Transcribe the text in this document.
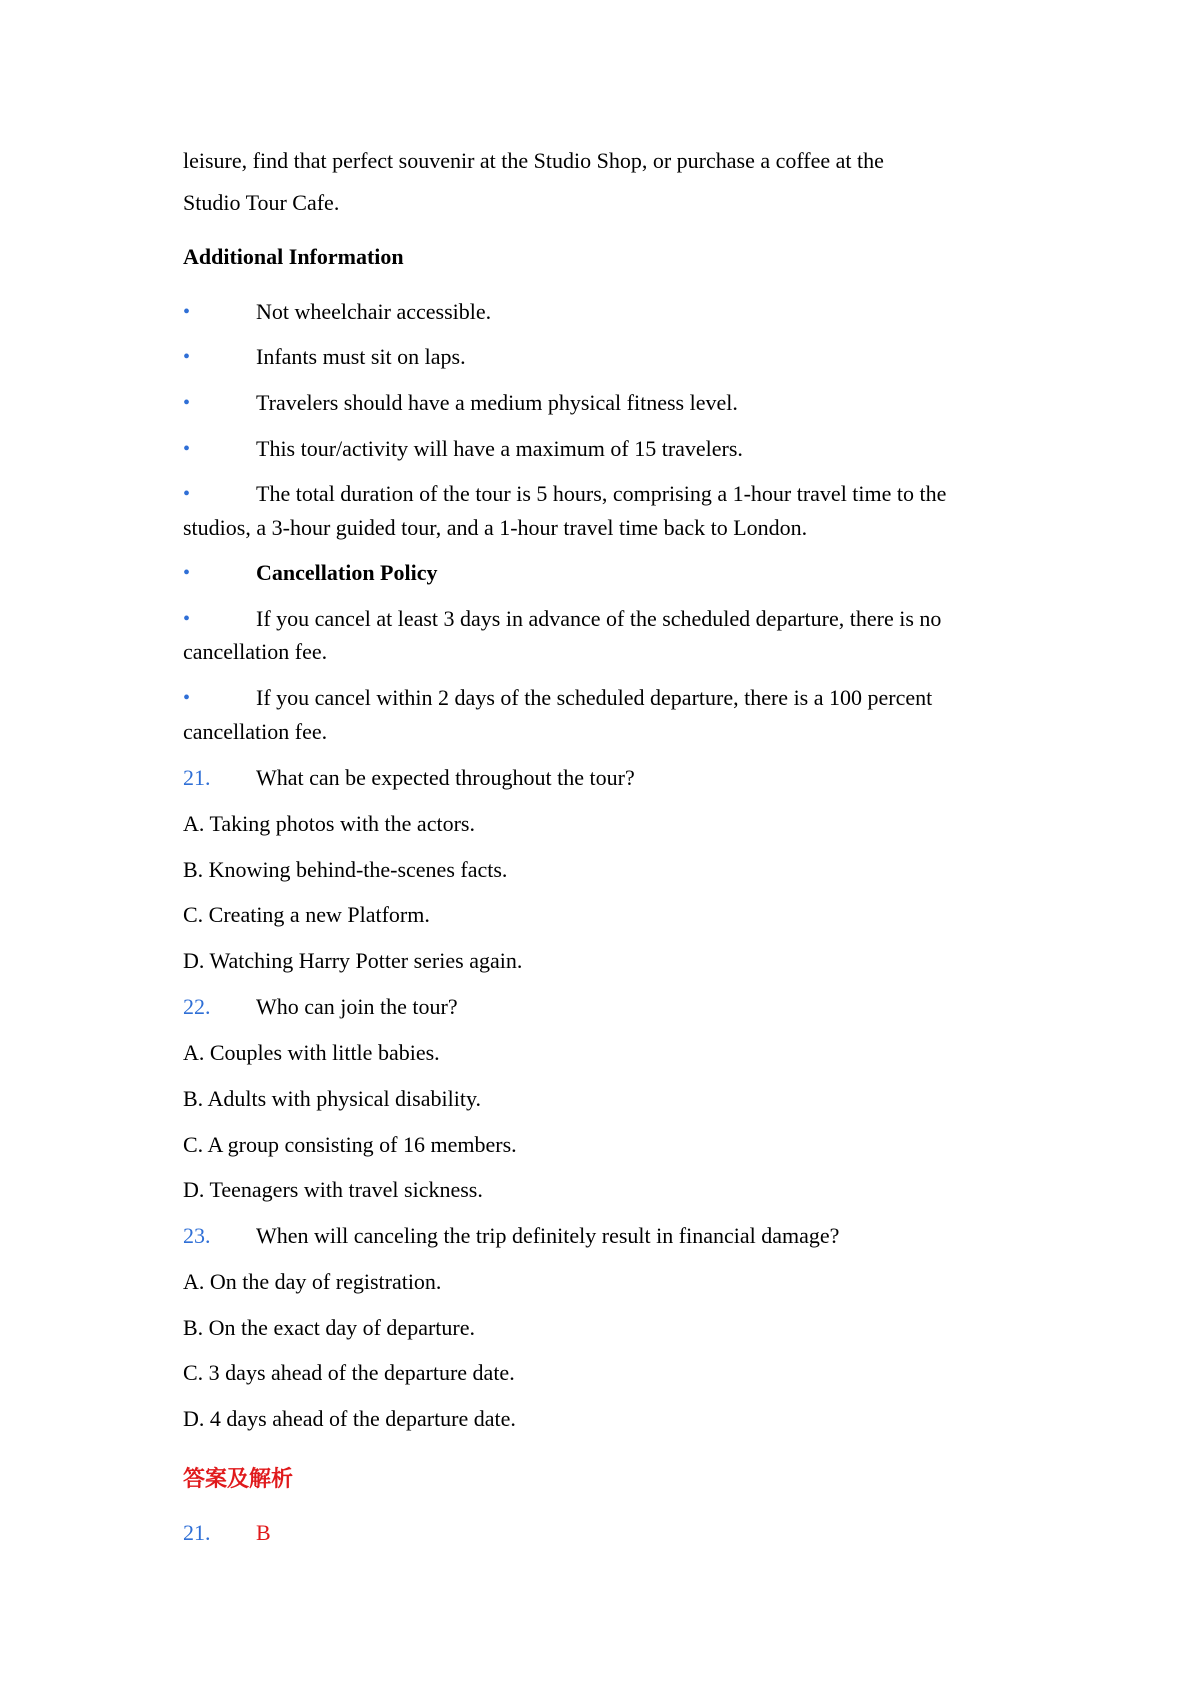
leisure, find that perfect souvenir at the Studio Shop, or purchase a coffee at the
Studio Tour Cafe.
Additional Information
•	Not wheelchair accessible.
•	Infants must sit on laps.
•	Travelers should have a medium physical fitness level.
•	This tour/activity will have a maximum of 15 travelers.
•	The total duration of the tour is 5 hours, comprising a 1-hour travel time to the
studios, a 3-hour guided tour, and a 1-hour travel time back to London.
•	Cancellation Policy
•	If you cancel at least 3 days in advance of the scheduled departure, there is no
cancellation fee.
•	If you cancel within 2 days of the scheduled departure, there is a 100 percent
cancellation fee.
21. What can be expected throughout the tour?
A. Taking photos with the actors.
B. Knowing behind-the-scenes facts.
C. Creating a new Platform.
D. Watching Harry Potter series again.
22. Who can join the tour?
A. Couples with little babies.
B. Adults with physical disability.
C. A group consisting of 16 members.
D. Teenagers with travel sickness.
23. When will canceling the trip definitely result in financial damage?
A. On the day of registration.
B. On the exact day of departure.
C. 3 days ahead of the departure date.
D. 4 days ahead of the departure date.
答案及解析
21. B
